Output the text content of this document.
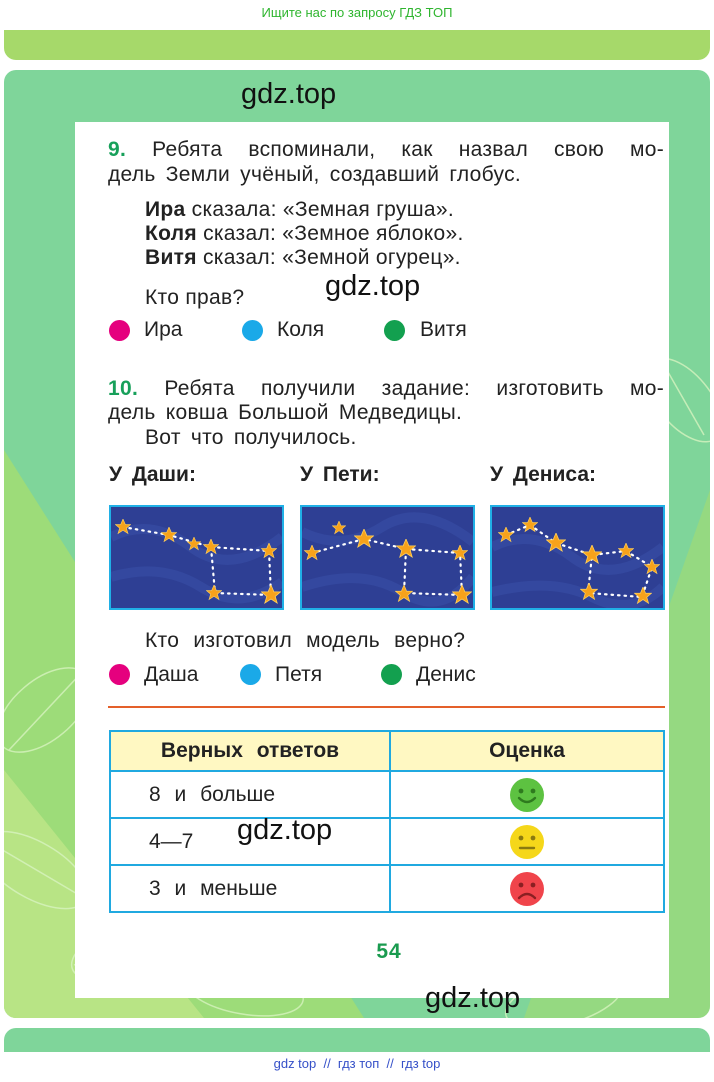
Ищите нас по запросу ГДЗ ТОП
gdz.top
9. Ребята вспоминали, как назвал свою мо-
дель Земли учёный, создавший глобус.
Ира сказала: «Земная груша».
Коля сказал: «Земное яблоко».
Витя сказал: «Земной огурец».
Кто прав?	gdz.top
Ира	Коля	Витя
10. Ребята получили задание: изготовить мо-
дель ковша Большой Медведицы.
Вот что получилось.
У Даши:	У Пети:	У Дениса:
Кто изготовил модель верно?
Даша	Петя	Денис
Верных ответов	Оценка
8 и больше	
4—7	
3 и меньше	
gdz.top
54
gdz.top
gdz top  //  гдз топ  //  гдз top
